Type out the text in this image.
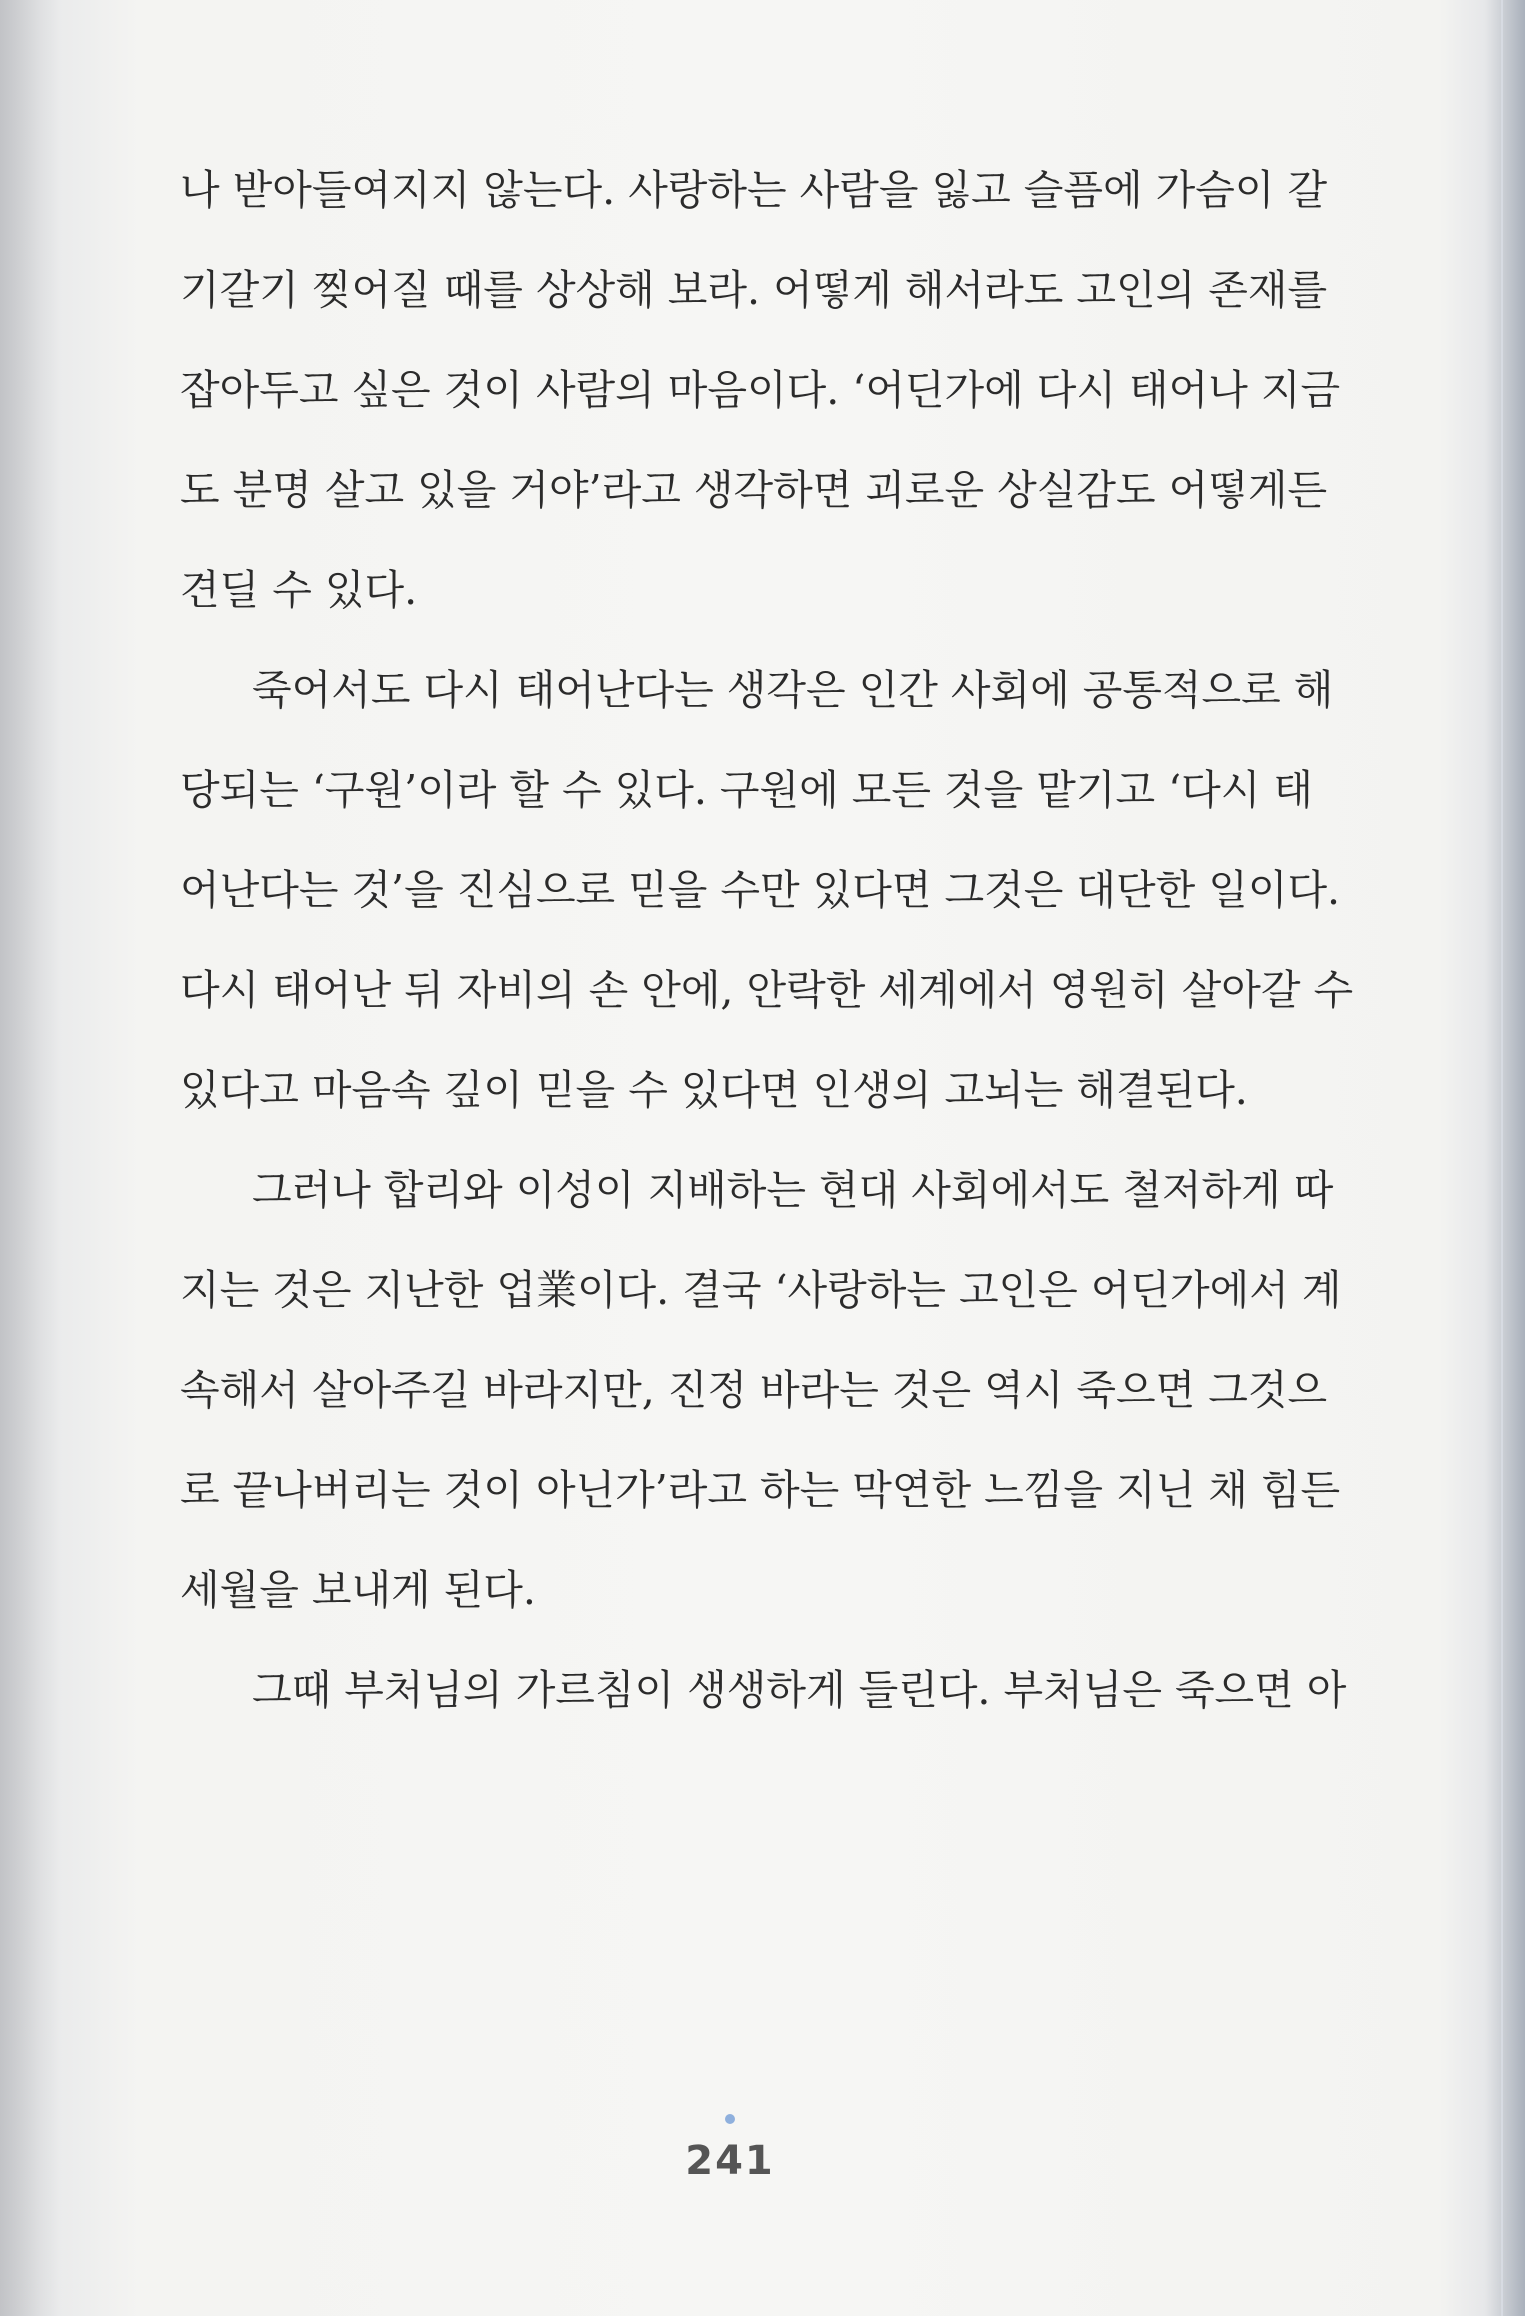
나 받아들여지지 않는다. 사랑하는 사람을 잃고 슬픔에 가슴이 갈
기갈기 찢어질 때를 상상해 보라. 어떻게 해서라도 고인의 존재를
잡아두고 싶은 것이 사람의 마음이다. ‘어딘가에 다시 태어나 지금
도 분명 살고 있을 거야’라고 생각하면 괴로운 상실감도 어떻게든
견딜 수 있다.
죽어서도 다시 태어난다는 생각은 인간 사회에 공통적으로 해
당되는 ‘구원’이라 할 수 있다. 구원에 모든 것을 맡기고 ‘다시 태
어난다는 것’을 진심으로 믿을 수만 있다면 그것은 대단한 일이다.
다시 태어난 뒤 자비의 손 안에, 안락한 세계에서 영원히 살아갈 수
있다고 마음속 깊이 믿을 수 있다면 인생의 고뇌는 해결된다.
그러나 합리와 이성이 지배하는 현대 사회에서도 철저하게 따
지는 것은 지난한 업業이다. 결국 ‘사랑하는 고인은 어딘가에서 계
속해서 살아주길 바라지만, 진정 바라는 것은 역시 죽으면 그것으
로 끝나버리는 것이 아닌가’라고 하는 막연한 느낌을 지닌 채 힘든
세월을 보내게 된다.
그때 부처님의 가르침이 생생하게 들린다. 부처님은 죽으면 아
241
